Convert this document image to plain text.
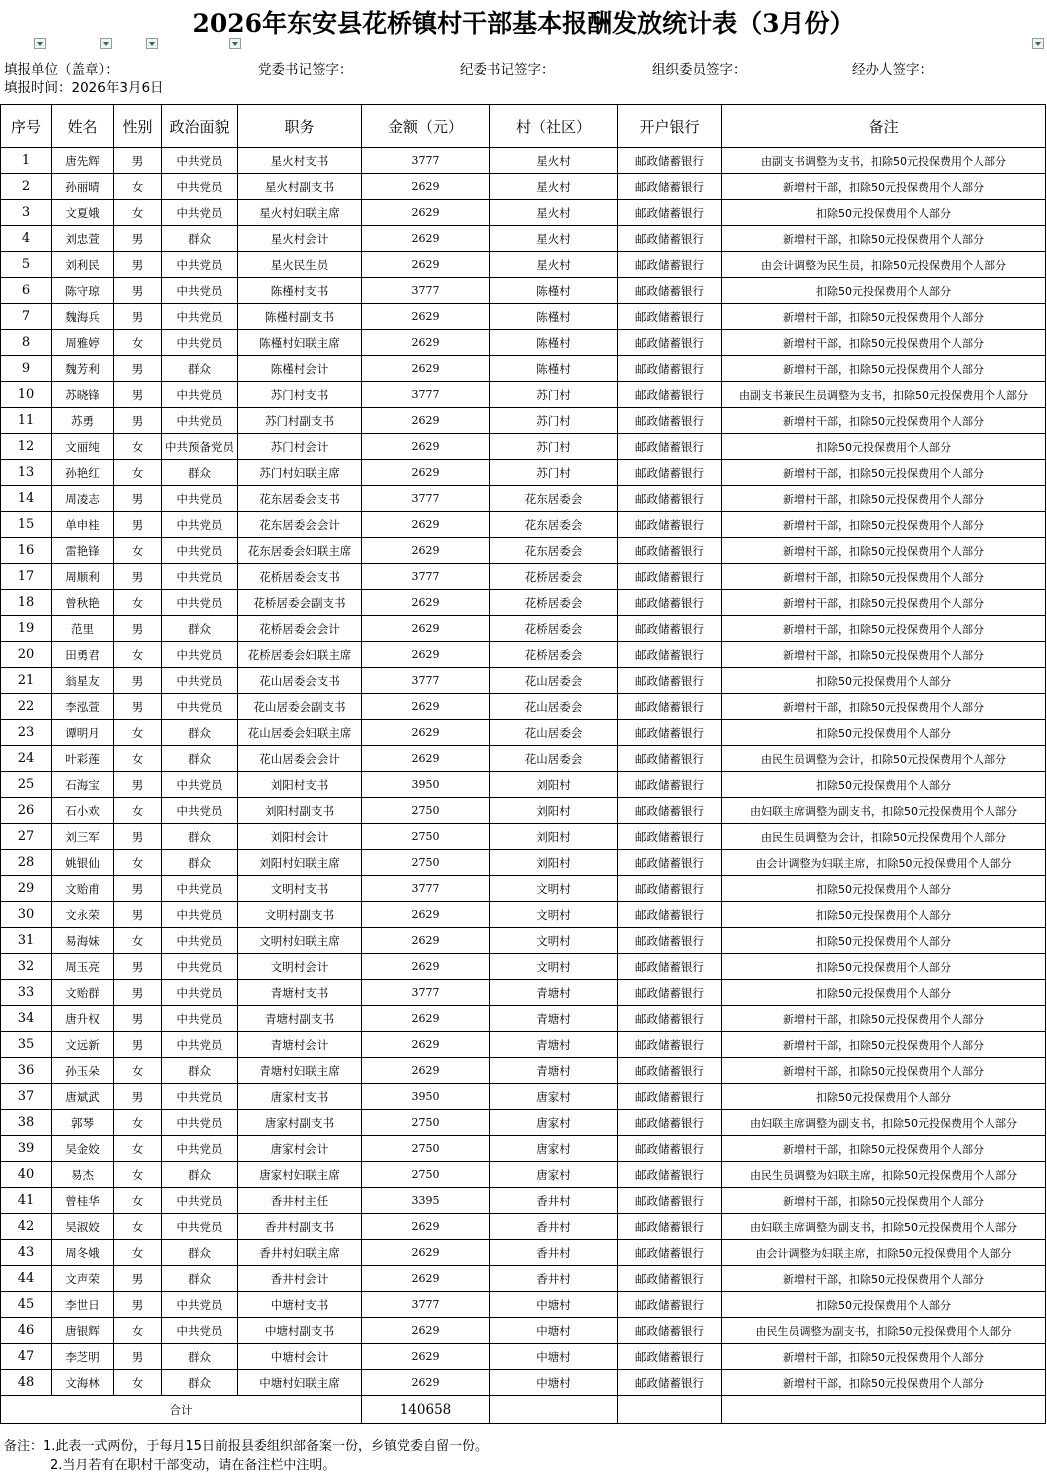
2026年东安县花桥镇村干部基本报酬发放统计表（3月份）
填报单位（盖章）：	党委书记签字：	纪委书记签字：	组织委员签字：	经办人签字：
填报时间：2026年3月6日
序号	姓名	性别	政治面貌	职务	金额（元）	村（社区）	开户银行	备注
1	唐先辉	男	中共党员	星火村支书	3777	星火村	邮政储蓄银行	由副支书调整为支书，扣除50元投保费用个人部分
2	孙丽晴	女	中共党员	星火村副支书	2629	星火村	邮政储蓄银行	新增村干部，扣除50元投保费用个人部分
3	文夏娥	女	中共党员	星火村妇联主席	2629	星火村	邮政储蓄银行	扣除50元投保费用个人部分
4	刘忠萱	男	群众	星火村会计	2629	星火村	邮政储蓄银行	新增村干部，扣除50元投保费用个人部分
5	刘利民	男	中共党员	星火民生员	2629	星火村	邮政储蓄银行	由会计调整为民生员，扣除50元投保费用个人部分
6	陈守琼	男	中共党员	陈槿村支书	3777	陈槿村	邮政储蓄银行	扣除50元投保费用个人部分
7	魏海兵	男	中共党员	陈槿村副支书	2629	陈槿村	邮政储蓄银行	新增村干部，扣除50元投保费用个人部分
8	周雅婷	女	中共党员	陈槿村妇联主席	2629	陈槿村	邮政储蓄银行	新增村干部，扣除50元投保费用个人部分
9	魏芳利	男	群众	陈槿村会计	2629	陈槿村	邮政储蓄银行	新增村干部，扣除50元投保费用个人部分
10	苏晓锋	男	中共党员	苏门村支书	3777	苏门村	邮政储蓄银行	由副支书兼民生员调整为支书，扣除50元投保费用个人部分
11	苏勇	男	中共党员	苏门村副支书	2629	苏门村	邮政储蓄银行	新增村干部，扣除50元投保费用个人部分
12	文丽纯	女	中共预备党员	苏门村会计	2629	苏门村	邮政储蓄银行	扣除50元投保费用个人部分
13	孙艳红	女	群众	苏门村妇联主席	2629	苏门村	邮政储蓄银行	新增村干部，扣除50元投保费用个人部分
14	周凌志	男	中共党员	花东居委会支书	3777	花东居委会	邮政储蓄银行	新增村干部，扣除50元投保费用个人部分
15	单申桂	男	中共党员	花东居委会会计	2629	花东居委会	邮政储蓄银行	新增村干部，扣除50元投保费用个人部分
16	雷艳锋	女	中共党员	花东居委会妇联主席	2629	花东居委会	邮政储蓄银行	新增村干部，扣除50元投保费用个人部分
17	周顺利	男	中共党员	花桥居委会支书	3777	花桥居委会	邮政储蓄银行	新增村干部，扣除50元投保费用个人部分
18	曾秋艳	女	中共党员	花桥居委会副支书	2629	花桥居委会	邮政储蓄银行	新增村干部，扣除50元投保费用个人部分
19	范里	男	群众	花桥居委会会计	2629	花桥居委会	邮政储蓄银行	新增村干部，扣除50元投保费用个人部分
20	田勇君	女	中共党员	花桥居委会妇联主席	2629	花桥居委会	邮政储蓄银行	新增村干部，扣除50元投保费用个人部分
21	翁星友	男	中共党员	花山居委会支书	3777	花山居委会	邮政储蓄银行	扣除50元投保费用个人部分
22	李泓萱	男	中共党员	花山居委会副支书	2629	花山居委会	邮政储蓄银行	新增村干部，扣除50元投保费用个人部分
23	谭明月	女	群众	花山居委会妇联主席	2629	花山居委会	邮政储蓄银行	扣除50元投保费用个人部分
24	叶彩莲	女	群众	花山居委会会计	2629	花山居委会	邮政储蓄银行	由民生员调整为会计，扣除50元投保费用个人部分
25	石海宝	男	中共党员	刘阳村支书	3950	刘阳村	邮政储蓄银行	扣除50元投保费用个人部分
26	石小欢	女	中共党员	刘阳村副支书	2750	刘阳村	邮政储蓄银行	由妇联主席调整为副支书，扣除50元投保费用个人部分
27	刘三军	男	群众	刘阳村会计	2750	刘阳村	邮政储蓄银行	由民生员调整为会计，扣除50元投保费用个人部分
28	姚银仙	女	群众	刘阳村妇联主席	2750	刘阳村	邮政储蓄银行	由会计调整为妇联主席，扣除50元投保费用个人部分
29	文贻甫	男	中共党员	文明村支书	3777	文明村	邮政储蓄银行	扣除50元投保费用个人部分
30	文永荣	男	中共党员	文明村副支书	2629	文明村	邮政储蓄银行	扣除50元投保费用个人部分
31	易海妹	女	中共党员	文明村妇联主席	2629	文明村	邮政储蓄银行	扣除50元投保费用个人部分
32	周玉亮	男	中共党员	文明村会计	2629	文明村	邮政储蓄银行	扣除50元投保费用个人部分
33	文贻群	男	中共党员	青塘村支书	3777	青塘村	邮政储蓄银行	扣除50元投保费用个人部分
34	唐升权	男	中共党员	青塘村副支书	2629	青塘村	邮政储蓄银行	新增村干部，扣除50元投保费用个人部分
35	文远新	男	中共党员	青塘村会计	2629	青塘村	邮政储蓄银行	新增村干部，扣除50元投保费用个人部分
36	孙玉朵	女	群众	青塘村妇联主席	2629	青塘村	邮政储蓄银行	新增村干部，扣除50元投保费用个人部分
37	唐斌武	男	中共党员	唐家村支书	3950	唐家村	邮政储蓄银行	扣除50元投保费用个人部分
38	郭琴	女	中共党员	唐家村副支书	2750	唐家村	邮政储蓄银行	由妇联主席调整为副支书，扣除50元投保费用个人部分
39	吴金姣	女	中共党员	唐家村会计	2750	唐家村	邮政储蓄银行	新增村干部，扣除50元投保费用个人部分
40	易杰	女	群众	唐家村妇联主席	2750	唐家村	邮政储蓄银行	由民生员调整为妇联主席，扣除50元投保费用个人部分
41	曾桂华	女	中共党员	香井村主任	3395	香井村	邮政储蓄银行	新增村干部，扣除50元投保费用个人部分
42	吴淑姣	女	中共党员	香井村副支书	2629	香井村	邮政储蓄银行	由妇联主席调整为副支书，扣除50元投保费用个人部分
43	周冬娥	女	群众	香井村妇联主席	2629	香井村	邮政储蓄银行	由会计调整为妇联主席，扣除50元投保费用个人部分
44	文声荣	男	群众	香井村会计	2629	香井村	邮政储蓄银行	新增村干部，扣除50元投保费用个人部分
45	李世日	男	中共党员	中塘村支书	3777	中塘村	邮政储蓄银行	扣除50元投保费用个人部分
46	唐银辉	女	中共党员	中塘村副支书	2629	中塘村	邮政储蓄银行	由民生员调整为副支书，扣除50元投保费用个人部分
47	李芝明	男	群众	中塘村会计	2629	中塘村	邮政储蓄银行	新增村干部，扣除50元投保费用个人部分
48	文海林	女	群众	中塘村妇联主席	2629	中塘村	邮政储蓄银行	新增村干部，扣除50元投保费用个人部分
合计					140658			
备注：1.此表一式两份，于每月15日前报县委组织部备案一份，乡镇党委自留一份。
2.当月若有在职村干部变动，请在备注栏中注明。
